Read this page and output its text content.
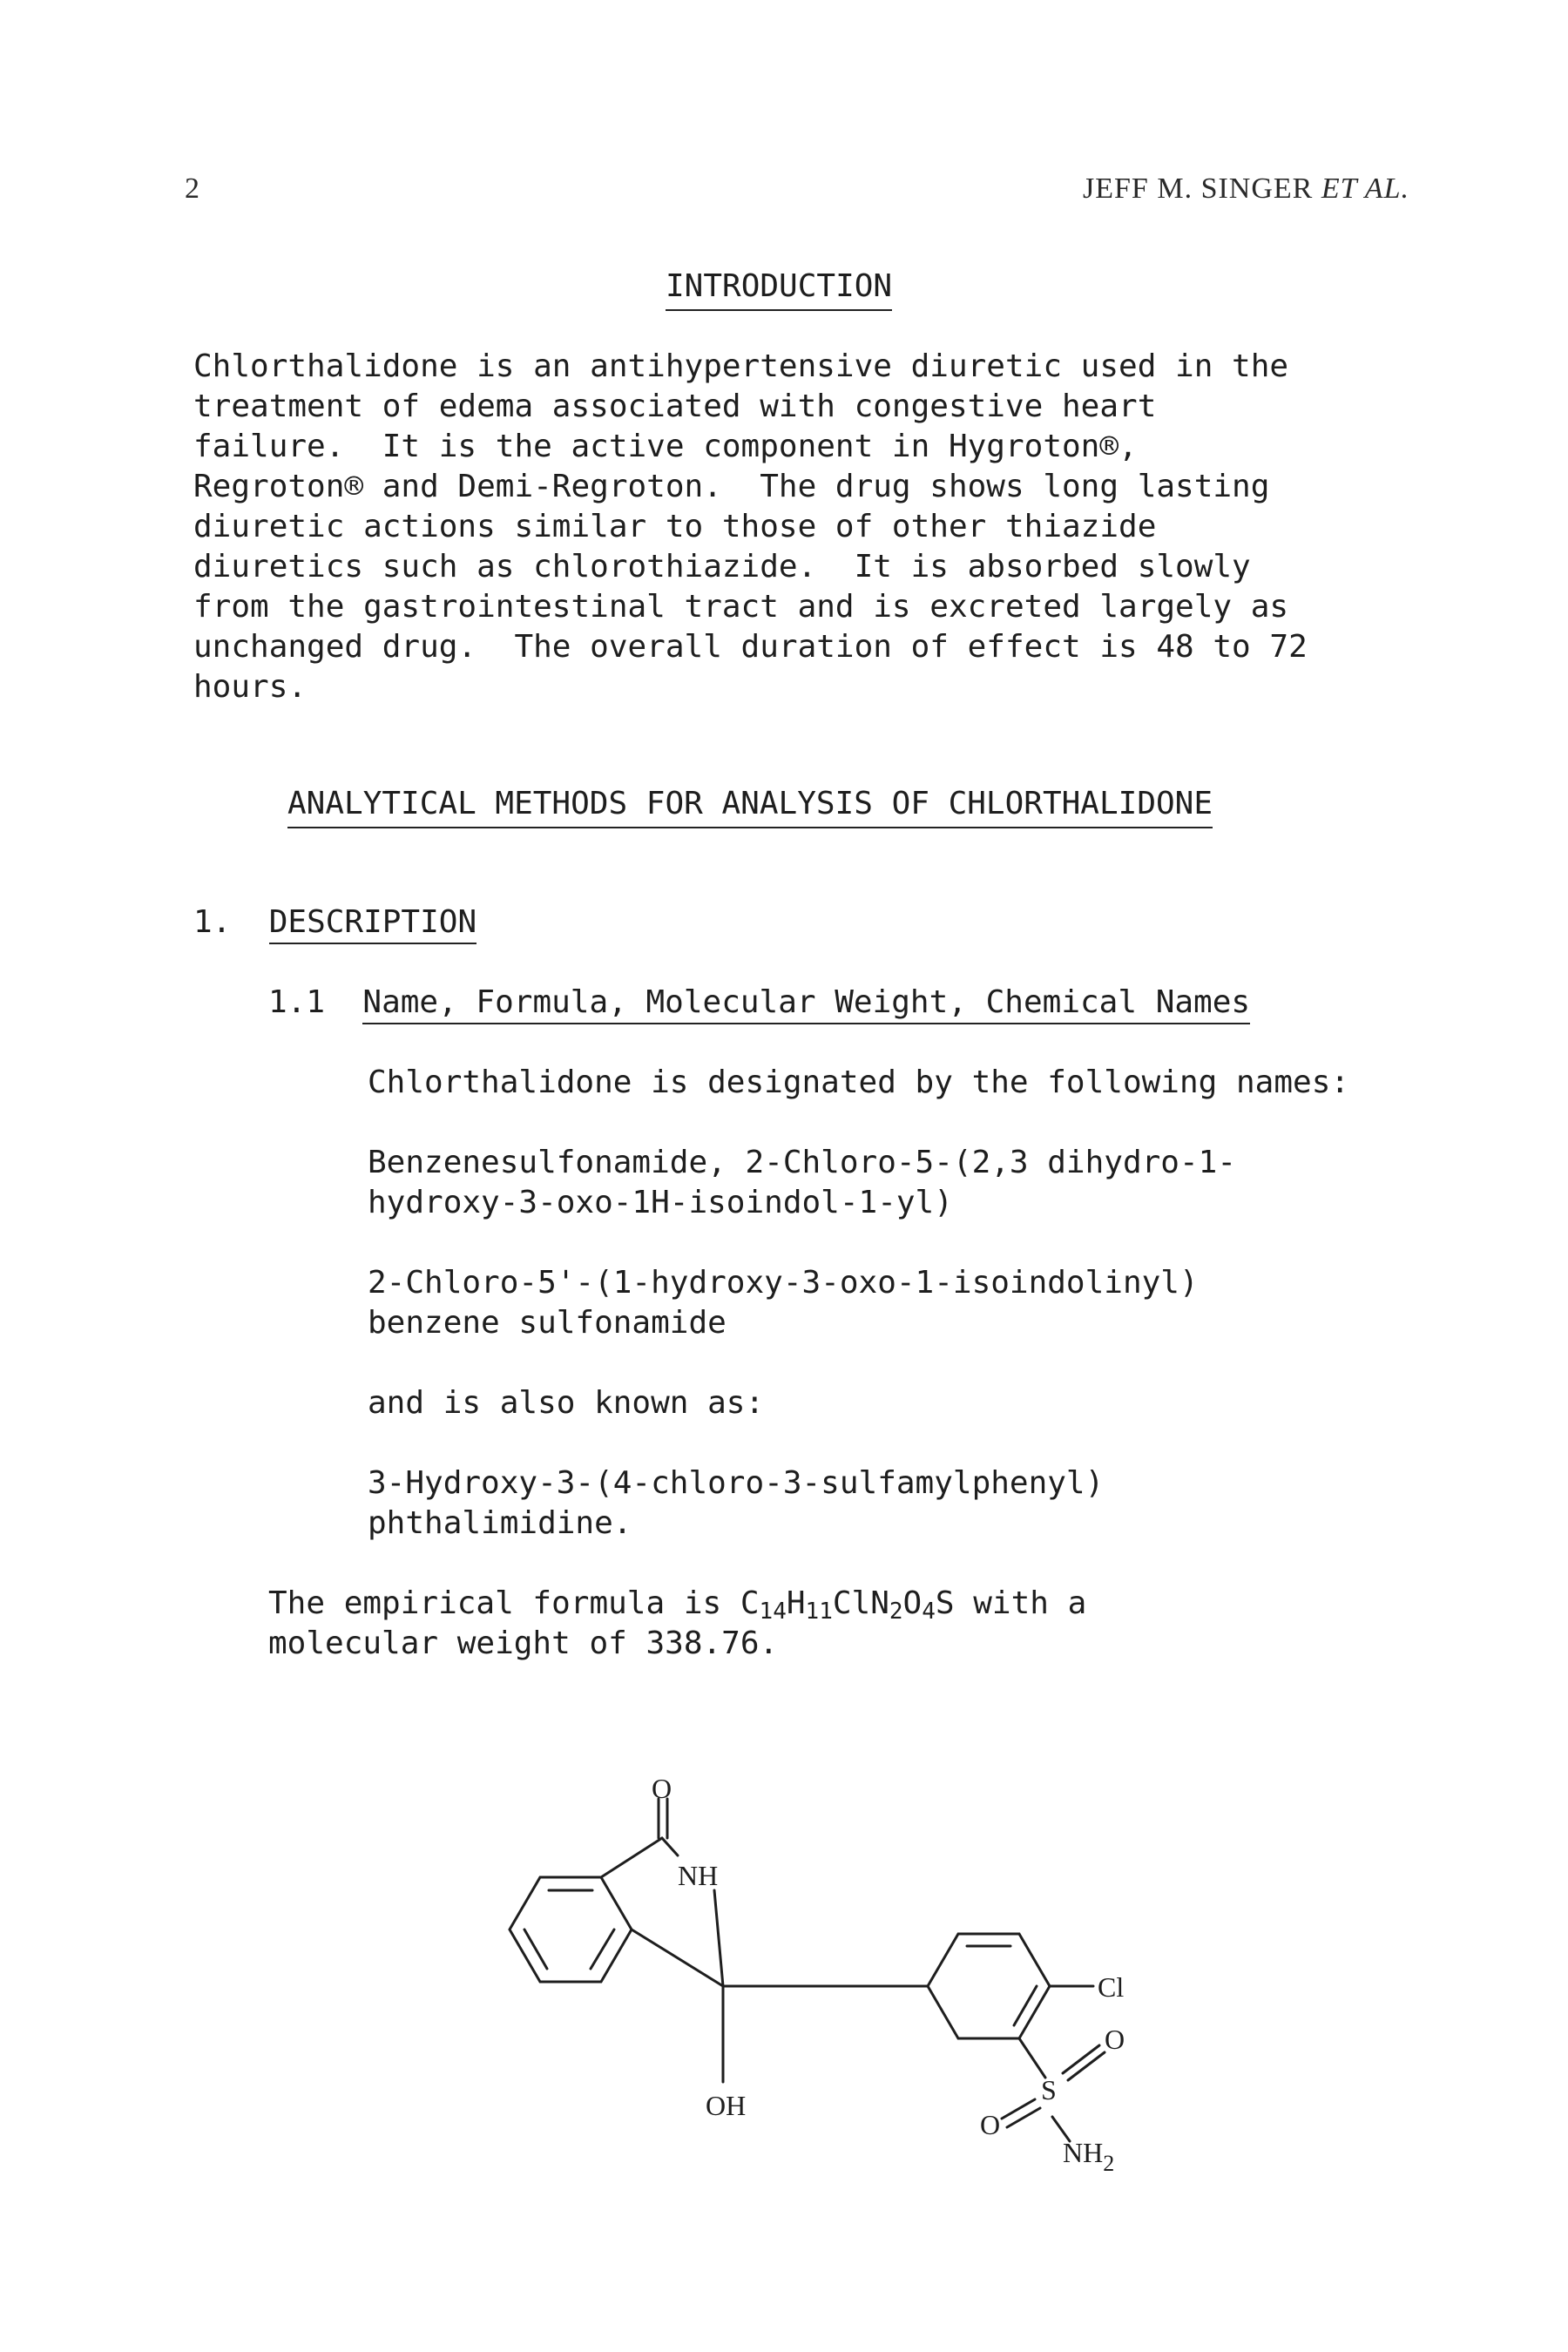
2	JEFF M. SINGER ET AL.
INTRODUCTION
Chlorthalidone is an antihypertensive diuretic used in the
treatment of edema associated with congestive heart
failure.  It is the active component in Hygroton®,
Regroton® and Demi-Regroton.  The drug shows long lasting
diuretic actions similar to those of other thiazide
diuretics such as chlorothiazide.  It is absorbed slowly
from the gastrointestinal tract and is excreted largely as
unchanged drug.  The overall duration of effect is 48 to 72
hours.
ANALYTICAL METHODS FOR ANALYSIS OF CHLORTHALIDONE
1. DESCRIPTION
1.1 Name, Formula, Molecular Weight, Chemical Names
Chlorthalidone is designated by the following names:
Benzenesulfonamide, 2-Chloro-5-(2,3 dihydro-1-
hydroxy-3-oxo-1H-isoindol-1-yl)
2-Chloro-5'-(1-hydroxy-3-oxo-1-isoindolinyl)
benzene sulfonamide
and is also known as:
3-Hydroxy-3-(4-chloro-3-sulfamylphenyl)
phthalimidine.
The empirical formula is $C_{14}H_{11}ClN_2O_4S$ with a
molecular weight of 338.76.
O
NH
OH
Cl
O
S
O
$NH_2$
